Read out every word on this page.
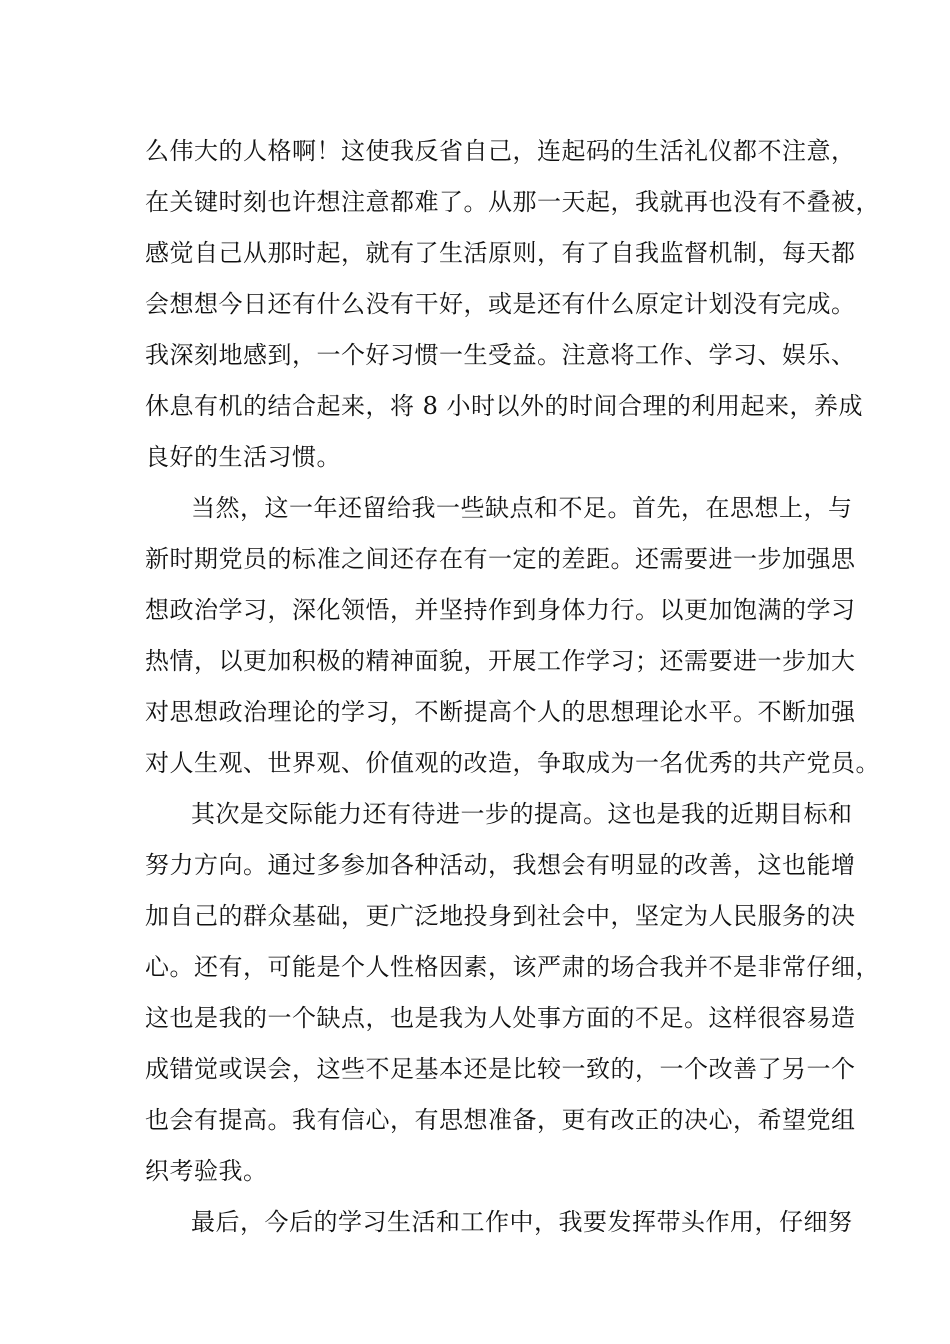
么伟大的人格啊！这使我反省自己，连起码的生活礼仪都不注意，
在关键时刻也许想注意都难了。从那一天起，我就再也没有不叠被，
感觉自己从那时起，就有了生活原则，有了自我监督机制，每天都
会想想今日还有什么没有干好，或是还有什么原定计划没有完成。
我深刻地感到，一个好习惯一生受益。注意将工作、学习、娱乐、
休息有机的结合起来，将 8 小时以外的时间合理的利用起来，养成
良好的生活习惯。
当然，这一年还留给我一些缺点和不足。首先，在思想上，与
新时期党员的标准之间还存在有一定的差距。还需要进一步加强思
想政治学习，深化领悟，并坚持作到身体力行。以更加饱满的学习
热情，以更加积极的精神面貌，开展工作学习；还需要进一步加大
对思想政治理论的学习，不断提高个人的思想理论水平。不断加强
对人生观、世界观、价值观的改造，争取成为一名优秀的共产党员。
其次是交际能力还有待进一步的提高。这也是我的近期目标和
努力方向。通过多参加各种活动，我想会有明显的改善，这也能增
加自己的群众基础，更广泛地投身到社会中，坚定为人民服务的决
心。还有，可能是个人性格因素，该严肃的场合我并不是非常仔细，
这也是我的一个缺点，也是我为人处事方面的不足。这样很容易造
成错觉或误会，这些不足基本还是比较一致的，一个改善了另一个
也会有提高。我有信心，有思想准备，更有改正的决心，希望党组
织考验我。
最后，今后的学习生活和工作中，我要发挥带头作用，仔细努
